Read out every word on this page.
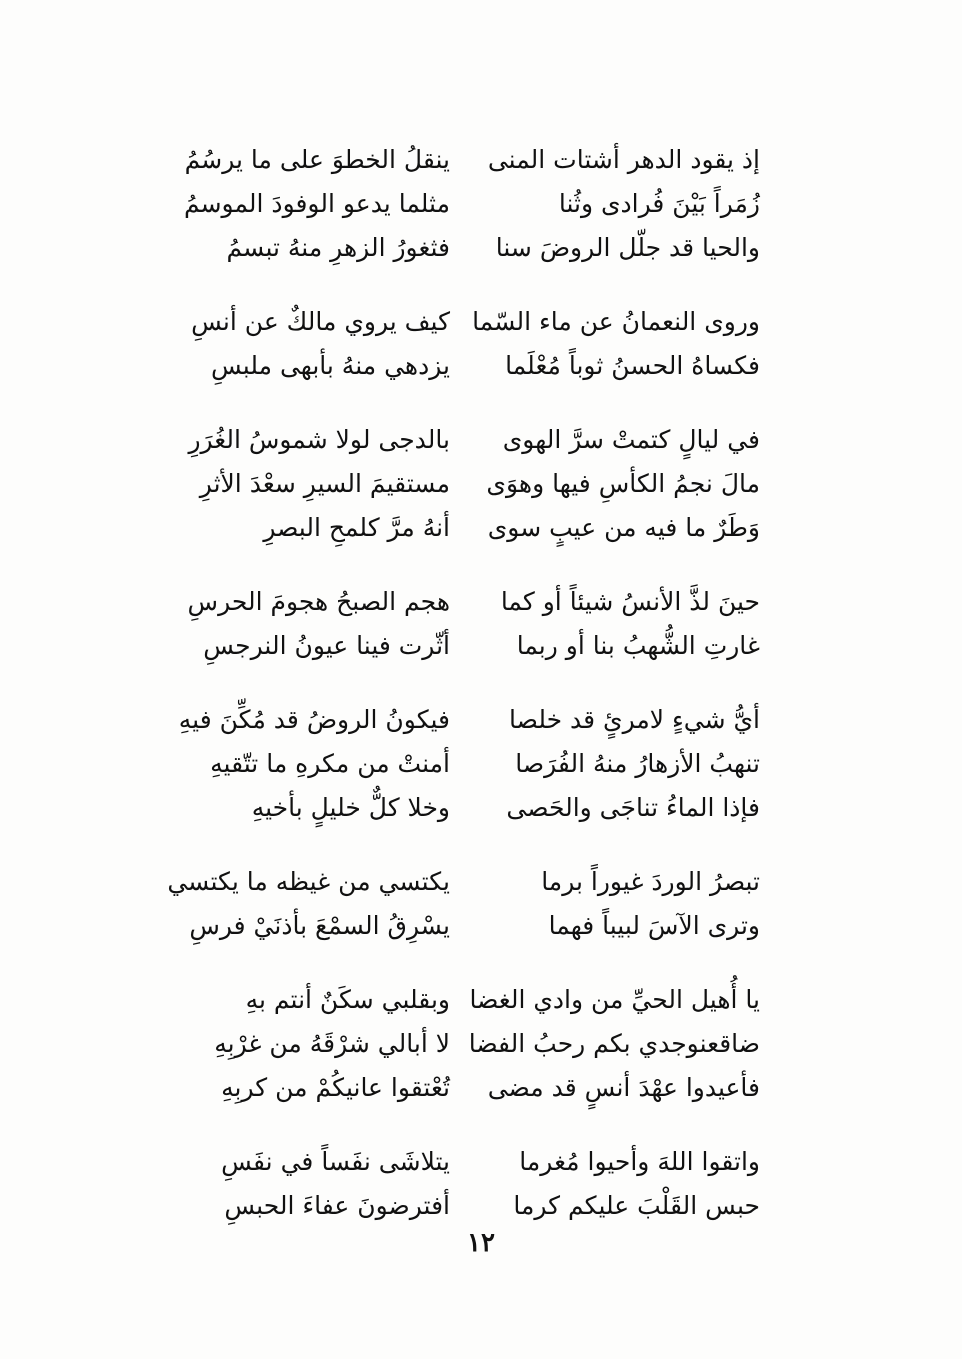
إذ يقود الدهر أشتات المنى
ينقلُ الخطوَ على ما يرسُمُ
زُمَراً بَيْنَ فُرادى وثُنا
مثلما يدعو الوفودَ الموسمُ
والحيا قد جلّل الروضَ سنا
فثغورُ الزهرِ منهُ تبسمُ
وروى النعمانُ عن ماء السّما
كيف يروي مالكٌ عن أنسِ
فكساهُ الحسنُ ثوباً مُعْلَما
يزدهي منهُ بأبهى ملبسِ
في ليالٍ كتمتْ سرَّ الهوى
بالدجى لولا شموسُ الغُرَرِ
مالَ نجمُ الكأسِ فيها وهوَى
مستقيمَ السيرِ سعْدَ الأثرِ
وَطَرٌ ما فيه من عيبٍ سوى
أنهُ مرَّ كلمحِ البصرِ
حينَ لذَّ الأنسُ شيئاً أو كما
هجم الصبحُ هجومَ الحرسِ
غارتِ الشُّهبُ بنا أو ربما
أثّرت فينا عيونُ النرجسِ
أيُّ شيءٍ لامرئٍ قد خلصا
فيكونُ الروضُ قد مُكِّنَ فيهِ
تنهبُ الأزهارُ منهُ الفُرَصا
أمنتْ من مكرهِ ما تتّقيهِ
فإذا الماءُ تناجَى والحَصى
وخلا كلٌّ خليلٍ بأخيهِ
تبصرُ الوردَ غيوراً برما
يكتسي من غيظه ما يكتسي
وترى الآسَ لبيباً فهما
يسْرِقُ السمْعَ بأذنَيْ فرسِ
يا أُهيل الحيِّ من وادي الغضا
وبقلبي سكَنٌ أنتم بهِ
ضاقعنوجدي بكم رحبُ الفضا
لا أبالي شرْقَهُ من غرْبِهِ
فأعيدوا عهْدَ أنسٍ قد مضى
تُعْتقوا عانيكُمْ من كربِهِ
واتقوا اللهَ وأحيوا مُغرما
يتلاشَى نفَساً في نفَسِ
حبس القَلْبَ عليكم كرما
أفترضونَ عفاءَ الحبسِ
١٢
